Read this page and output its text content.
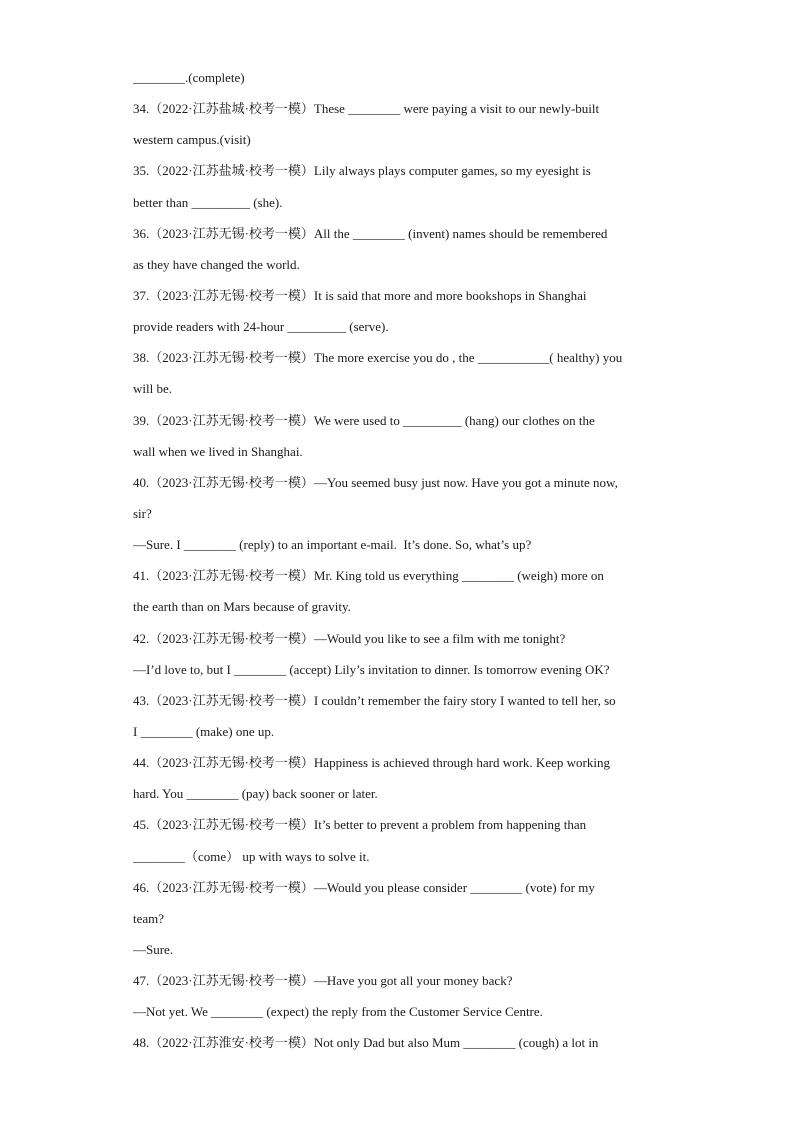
________.(complete)
34.（2022·江苏盐城·校考一模）These ________ were paying a visit to our newly-built
western campus.(visit)
35.（2022·江苏盐城·校考一模）Lily always plays computer games, so my eyesight is
better than _________ (she).
36.（2023·江苏无锡·校考一模）All the ________ (invent) names should be remembered
as they have changed the world.
37.（2023·江苏无锡·校考一模）It is said that more and more bookshops in Shanghai
provide readers with 24-hour _________ (serve).
38.（2023·江苏无锡·校考一模）The more exercise you do , the ___________( healthy) you
will be.
39.（2023·江苏无锡·校考一模）We were used to _________ (hang) our clothes on the
wall when we lived in Shanghai.
40.（2023·江苏无锡·校考一模）—You seemed busy just now. Have you got a minute now,
sir?
—Sure. I ________ (reply) to an important e-mail.  It’s done. So, what’s up?
41.（2023·江苏无锡·校考一模）Mr. King told us everything ________ (weigh) more on
the earth than on Mars because of gravity.
42.（2023·江苏无锡·校考一模）—Would you like to see a film with me tonight?
—I’d love to, but I ________ (accept) Lily’s invitation to dinner. Is tomorrow evening OK?
43.（2023·江苏无锡·校考一模）I couldn’t remember the fairy story I wanted to tell her, so
I ________ (make) one up.
44.（2023·江苏无锡·校考一模）Happiness is achieved through hard work. Keep working
hard. You ________ (pay) back sooner or later.
45.（2023·江苏无锡·校考一模）It’s better to prevent a problem from happening than
________（come） up with ways to solve it.
46.（2023·江苏无锡·校考一模）—Would you please consider ________ (vote) for my
team?
—Sure.
47.（2023·江苏无锡·校考一模）—Have you got all your money back?
—Not yet. We ________ (expect) the reply from the Customer Service Centre.
48.（2022·江苏淮安·校考一模）Not only Dad but also Mum ________ (cough) a lot in
